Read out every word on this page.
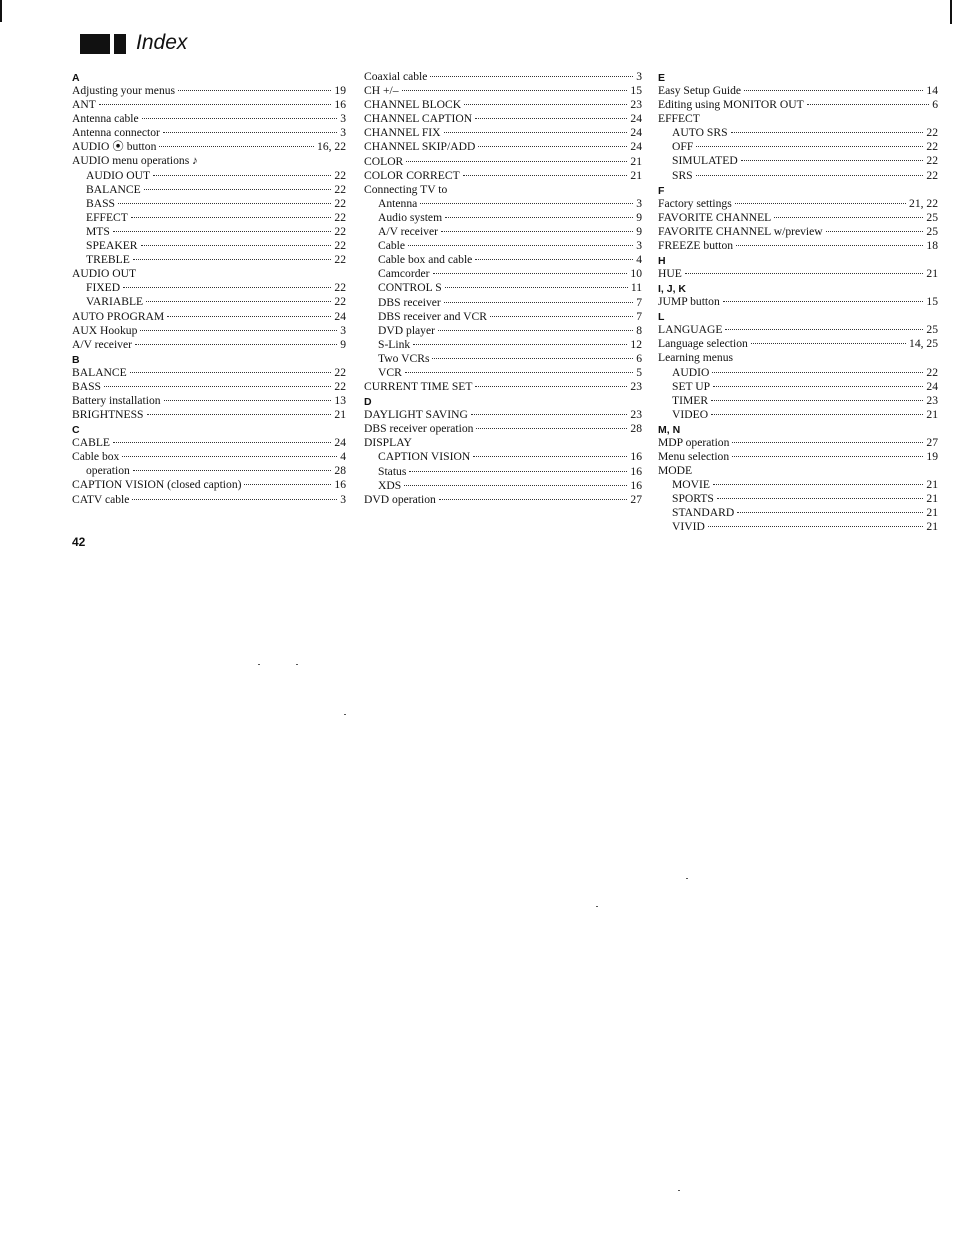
Index
A
Adjusting your menus	19
ANT	16
Antenna cable	3
Antenna connector	3
AUDIO ⦿ button	16, 22
AUDIO menu operations ♪
AUDIO OUT	22
BALANCE	22
BASS	22
EFFECT	22
MTS	22
SPEAKER	22
TREBLE	22
AUDIO OUT
FIXED	22
VARIABLE	22
AUTO PROGRAM	24
AUX Hookup	3
A/V receiver	9
B
BALANCE	22
BASS	22
Battery installation	13
BRIGHTNESS	21
C
CABLE	24
Cable box	4
operation	28
CAPTION VISION (closed caption)	16
CATV cable	3
Coaxial cable	3
CH +/–	15
CHANNEL BLOCK	23
CHANNEL CAPTION	24
CHANNEL FIX	24
CHANNEL SKIP/ADD	24
COLOR	21
COLOR CORRECT	21
Connecting TV to
Antenna	3
Audio system	9
A/V receiver	9
Cable	3
Cable box and cable	4
Camcorder	10
CONTROL S	11
DBS receiver	7
DBS receiver and VCR	7
DVD player	8
S-Link	12
Two VCRs	6
VCR	5
CURRENT TIME SET	23
D
DAYLIGHT SAVING	23
DBS receiver operation	28
DISPLAY
CAPTION VISION	16
Status	16
XDS	16
DVD operation	27
E
Easy Setup Guide	14
Editing using MONITOR OUT	6
EFFECT
AUTO SRS	22
OFF	22
SIMULATED	22
SRS	22
F
Factory settings	21, 22
FAVORITE CHANNEL	25
FAVORITE CHANNEL w/preview	25
FREEZE button	18
H
HUE	21
I, J, K
JUMP button	15
L
LANGUAGE	25
Language selection	14, 25
Learning menus
AUDIO	22
SET UP	24
TIMER	23
VIDEO	21
M, N
MDP operation	27
Menu selection	19
MODE
MOVIE	21
SPORTS	21
STANDARD	21
VIVID	21
42
